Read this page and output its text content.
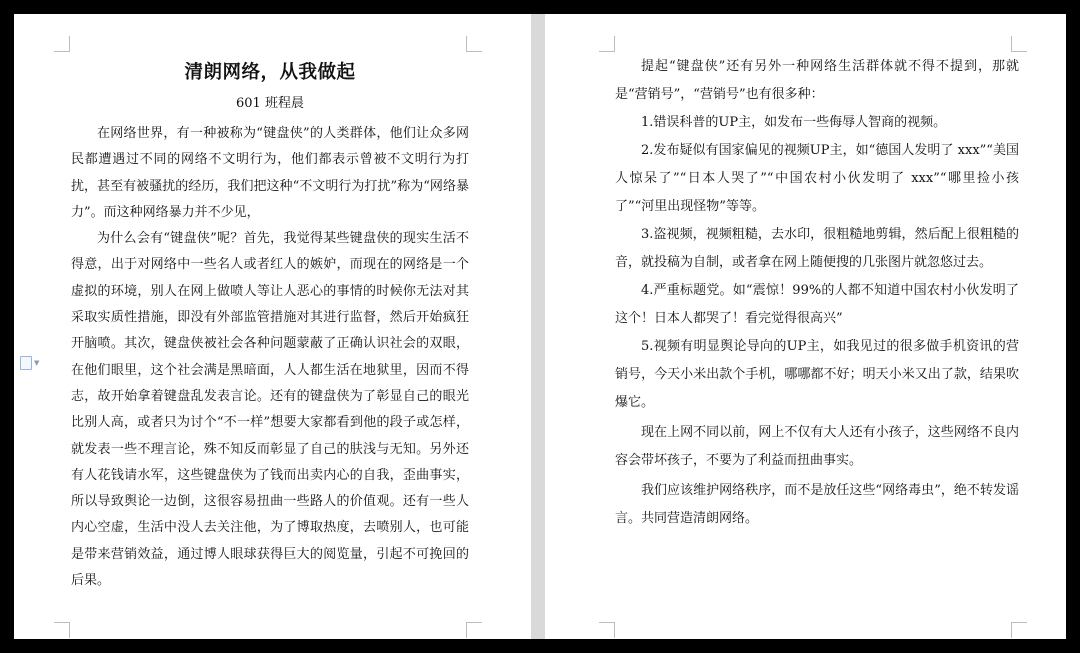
▼
清朗网络，从我做起
601 班程晨

在网络世界，有一种被称为“键盘侠”的人类群体，他们让众多网民都遭遇过不同的网络不文明行为，他们都表示曾被不文明行为打扰，甚至有被骚扰的经历，我们把这种“不文明行为打扰”称为“网络暴力”。而这种网络暴力并不少见，

为什么会有“键盘侠”呢？首先，我觉得某些键盘侠的现实生活不得意，出于对网络中一些名人或者红人的嫉妒，而现在的网络是一个虚拟的环境，别人在网上做喷人等让人恶心的事情的时候你无法对其采取实质性措施，即没有外部监管措施对其进行监督，然后开始疯狂开脑喷。其次，键盘侠被社会各种问题蒙蔽了正确认识社会的双眼，在他们眼里，这个社会满是黑暗面，人人都生活在地狱里，因而不得志，故开始拿着键盘乱发表言论。还有的键盘侠为了彰显自己的眼光比别人高，或者只为讨个“不一样”想要大家都看到他的段子或怎样，就发表一些不理言论，殊不知反而彰显了自己的肤浅与无知。另外还有人花钱请水军，这些键盘侠为了钱而出卖内心的自我，歪曲事实，所以导致舆论一边倒，这很容易扭曲一些路人的价值观。还有一些人内心空虚，生活中没人去关注他，为了博取热度，去喷别人，也可能是带来营销效益，通过博人眼球获得巨大的阅览量，引起不可挽回的后果。

提起“键盘侠”还有另外一种网络生活群体就不得不提到，那就是“营销号”，“营销号”也有很多种：

1.错误科普的UP主，如发布一些侮辱人智商的视频。

2.发布疑似有国家偏见的视频UP主，如“德国人发明了 xxx”“美国人惊呆了”“日本人哭了”“中国农村小伙发明了 xxx”“哪里捡小孩了”“河里出现怪物”等等。

3.盗视频，视频粗糙，去水印，很粗糙地剪辑，然后配上很粗糙的音，就投稿为自制，或者拿在网上随便搜的几张图片就忽悠过去。

4.严重标题党。如“震惊！99%的人都不知道中国农村小伙发明了这个！日本人都哭了！看完觉得很高兴”

5.视频有明显舆论导向的UP主，如我见过的很多做手机资讯的营销号，今天小米出款个手机，哪哪都不好；明天小米又出了款，结果吹爆它。

现在上网不同以前，网上不仅有大人还有小孩子，这些网络不良内容会带坏孩子，不要为了利益而扭曲事实。

我们应该维护网络秩序，而不是放任这些“网络毒虫”，绝不转发谣言。共同营造清朗网络。
